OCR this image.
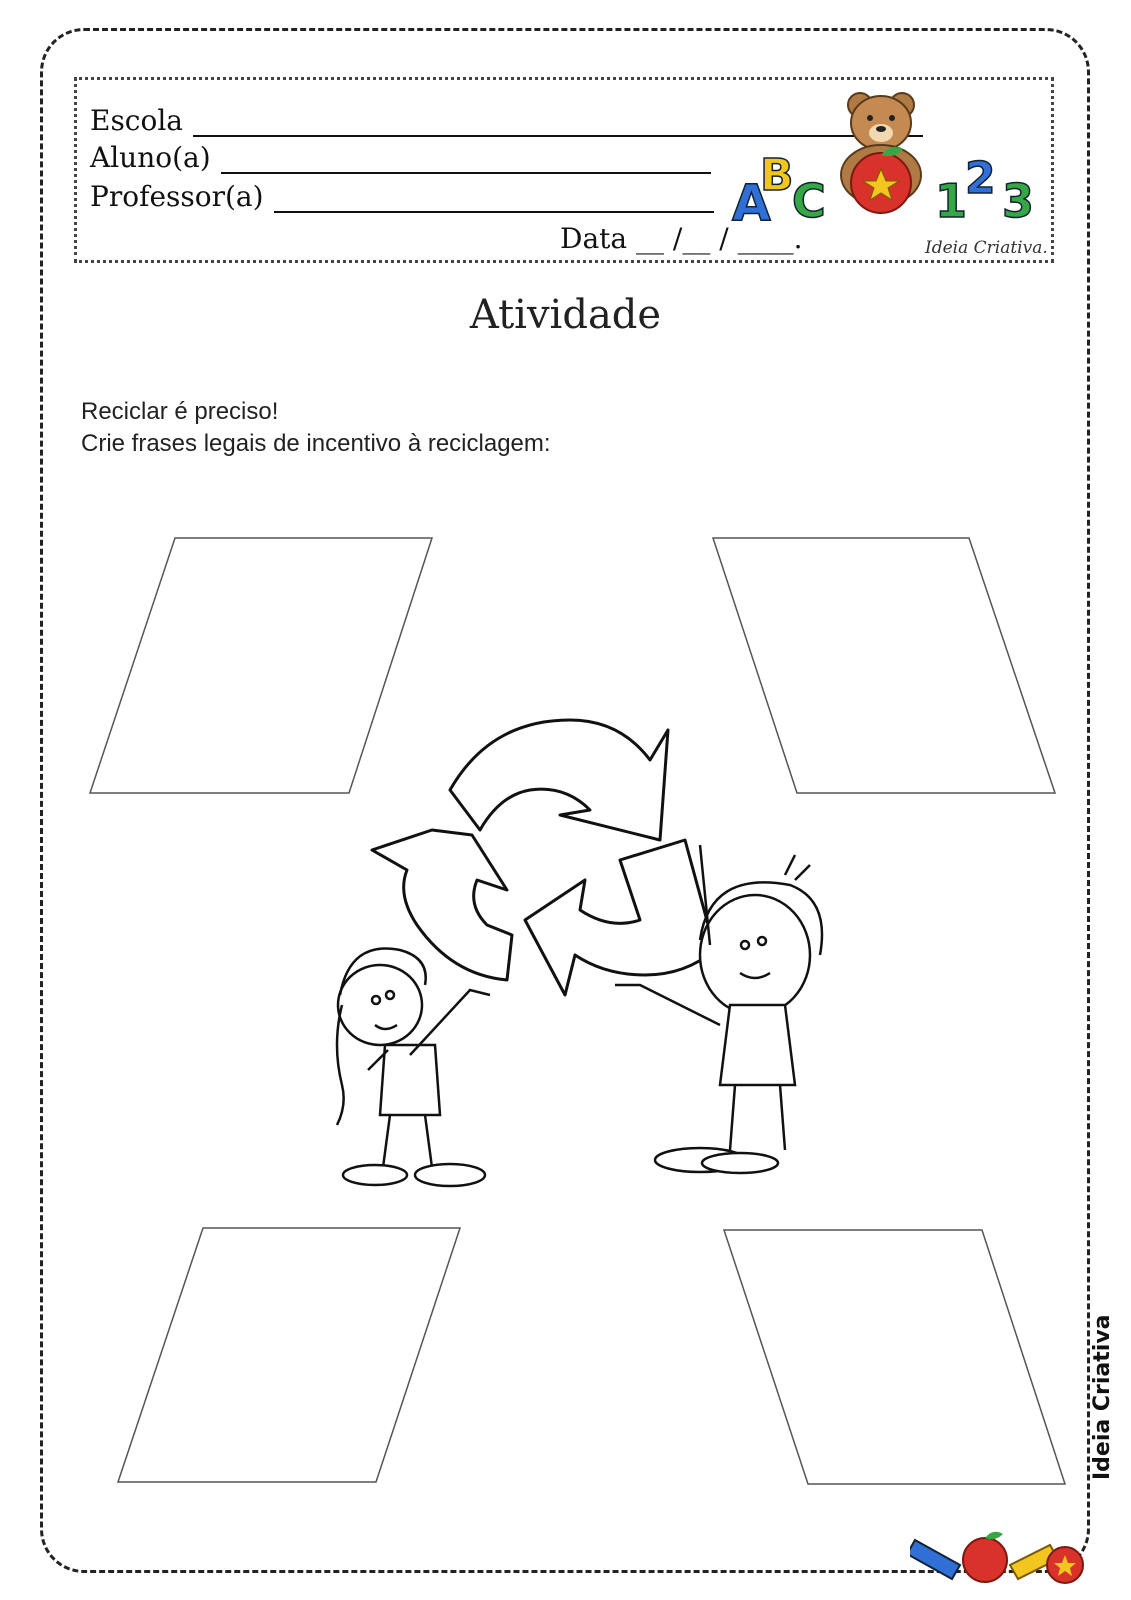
Escola
Aluno(a)
Professor(a)
Data __ /__ / ____.	Ideia Criativa.
A
B
C 1
2 3
Atividade
Reciclar é preciso!
Crie frases legais de incentivo à reciclagem:
Ideia Criativa
